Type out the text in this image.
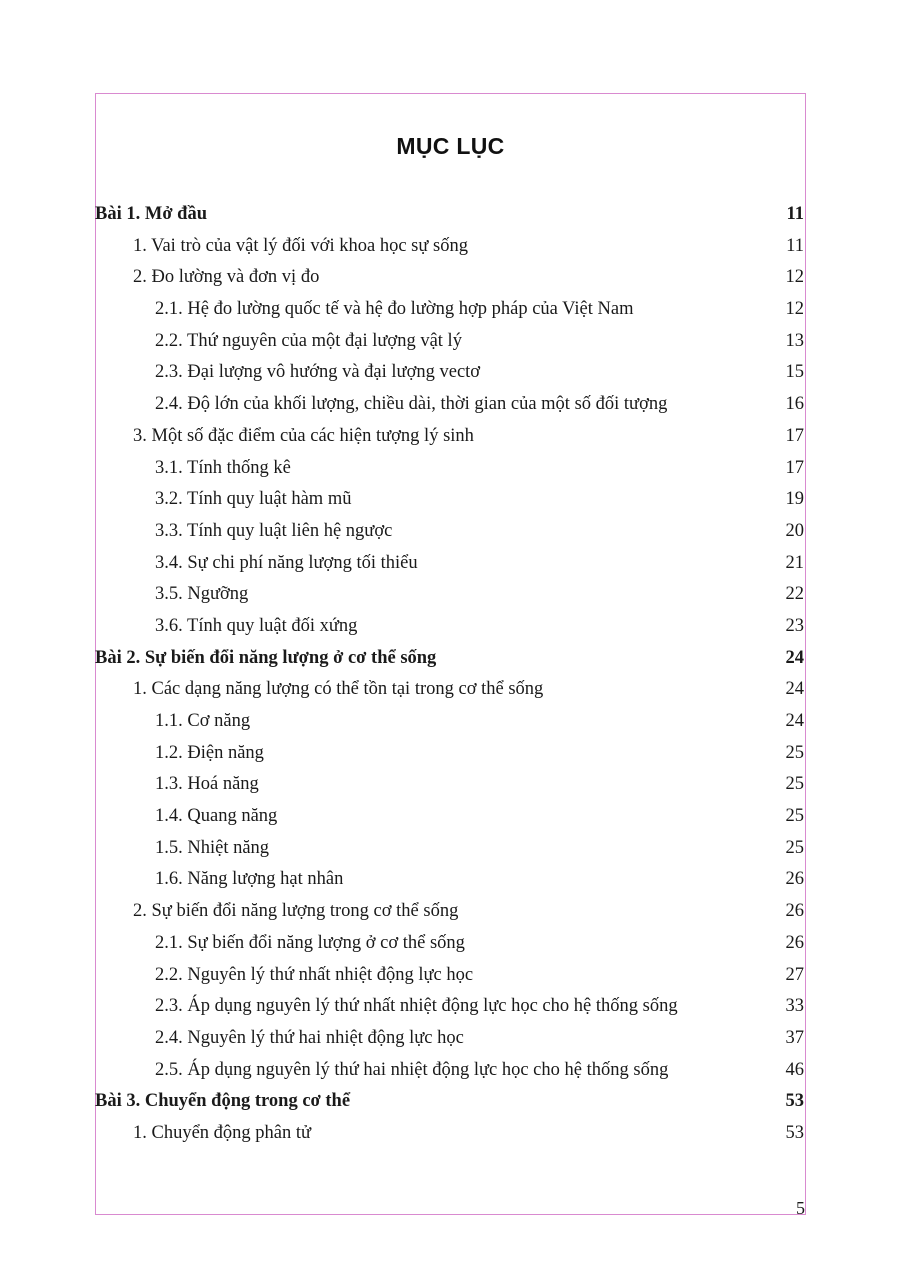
MỤC LỤC
Bài 1. Mở đầu	11
1. Vai trò của vật lý đối với khoa học sự sống	11
2. Đo lường và đơn vị đo	12
2.1. Hệ đo lường quốc tế và hệ đo lường hợp pháp của Việt Nam	12
2.2. Thứ nguyên của một đại lượng vật lý	13
2.3. Đại lượng vô hướng và đại lượng vectơ	15
2.4. Độ lớn của khối lượng, chiều dài, thời gian của một số đối tượng	16
3. Một số đặc điểm của các hiện tượng lý sinh	17
3.1. Tính thống kê	17
3.2. Tính quy luật hàm mũ	19
3.3. Tính quy luật liên hệ ngược	20
3.4. Sự chi phí năng lượng tối thiểu	21
3.5. Ngưỡng	22
3.6. Tính quy luật đối xứng	23
Bài 2. Sự biến đổi năng lượng ở cơ thể sống	24
1. Các dạng năng lượng có thể tồn tại trong cơ thể sống	24
1.1. Cơ năng	24
1.2. Điện năng	25
1.3. Hoá năng	25
1.4. Quang năng	25
1.5. Nhiệt năng	25
1.6. Năng lượng hạt nhân	26
2. Sự biến đổi năng lượng trong cơ thể sống	26
2.1. Sự biến đổi năng lượng ở cơ thể sống	26
2.2. Nguyên lý thứ nhất nhiệt động lực học	27
2.3. Áp dụng nguyên lý thứ nhất nhiệt động lực học cho hệ thống sống	33
2.4. Nguyên lý thứ hai nhiệt động lực học	37
2.5. Áp dụng nguyên lý thứ hai nhiệt động lực học cho hệ thống sống	46
Bài 3. Chuyển động trong cơ thể	53
1. Chuyển động phân tử	53
5
